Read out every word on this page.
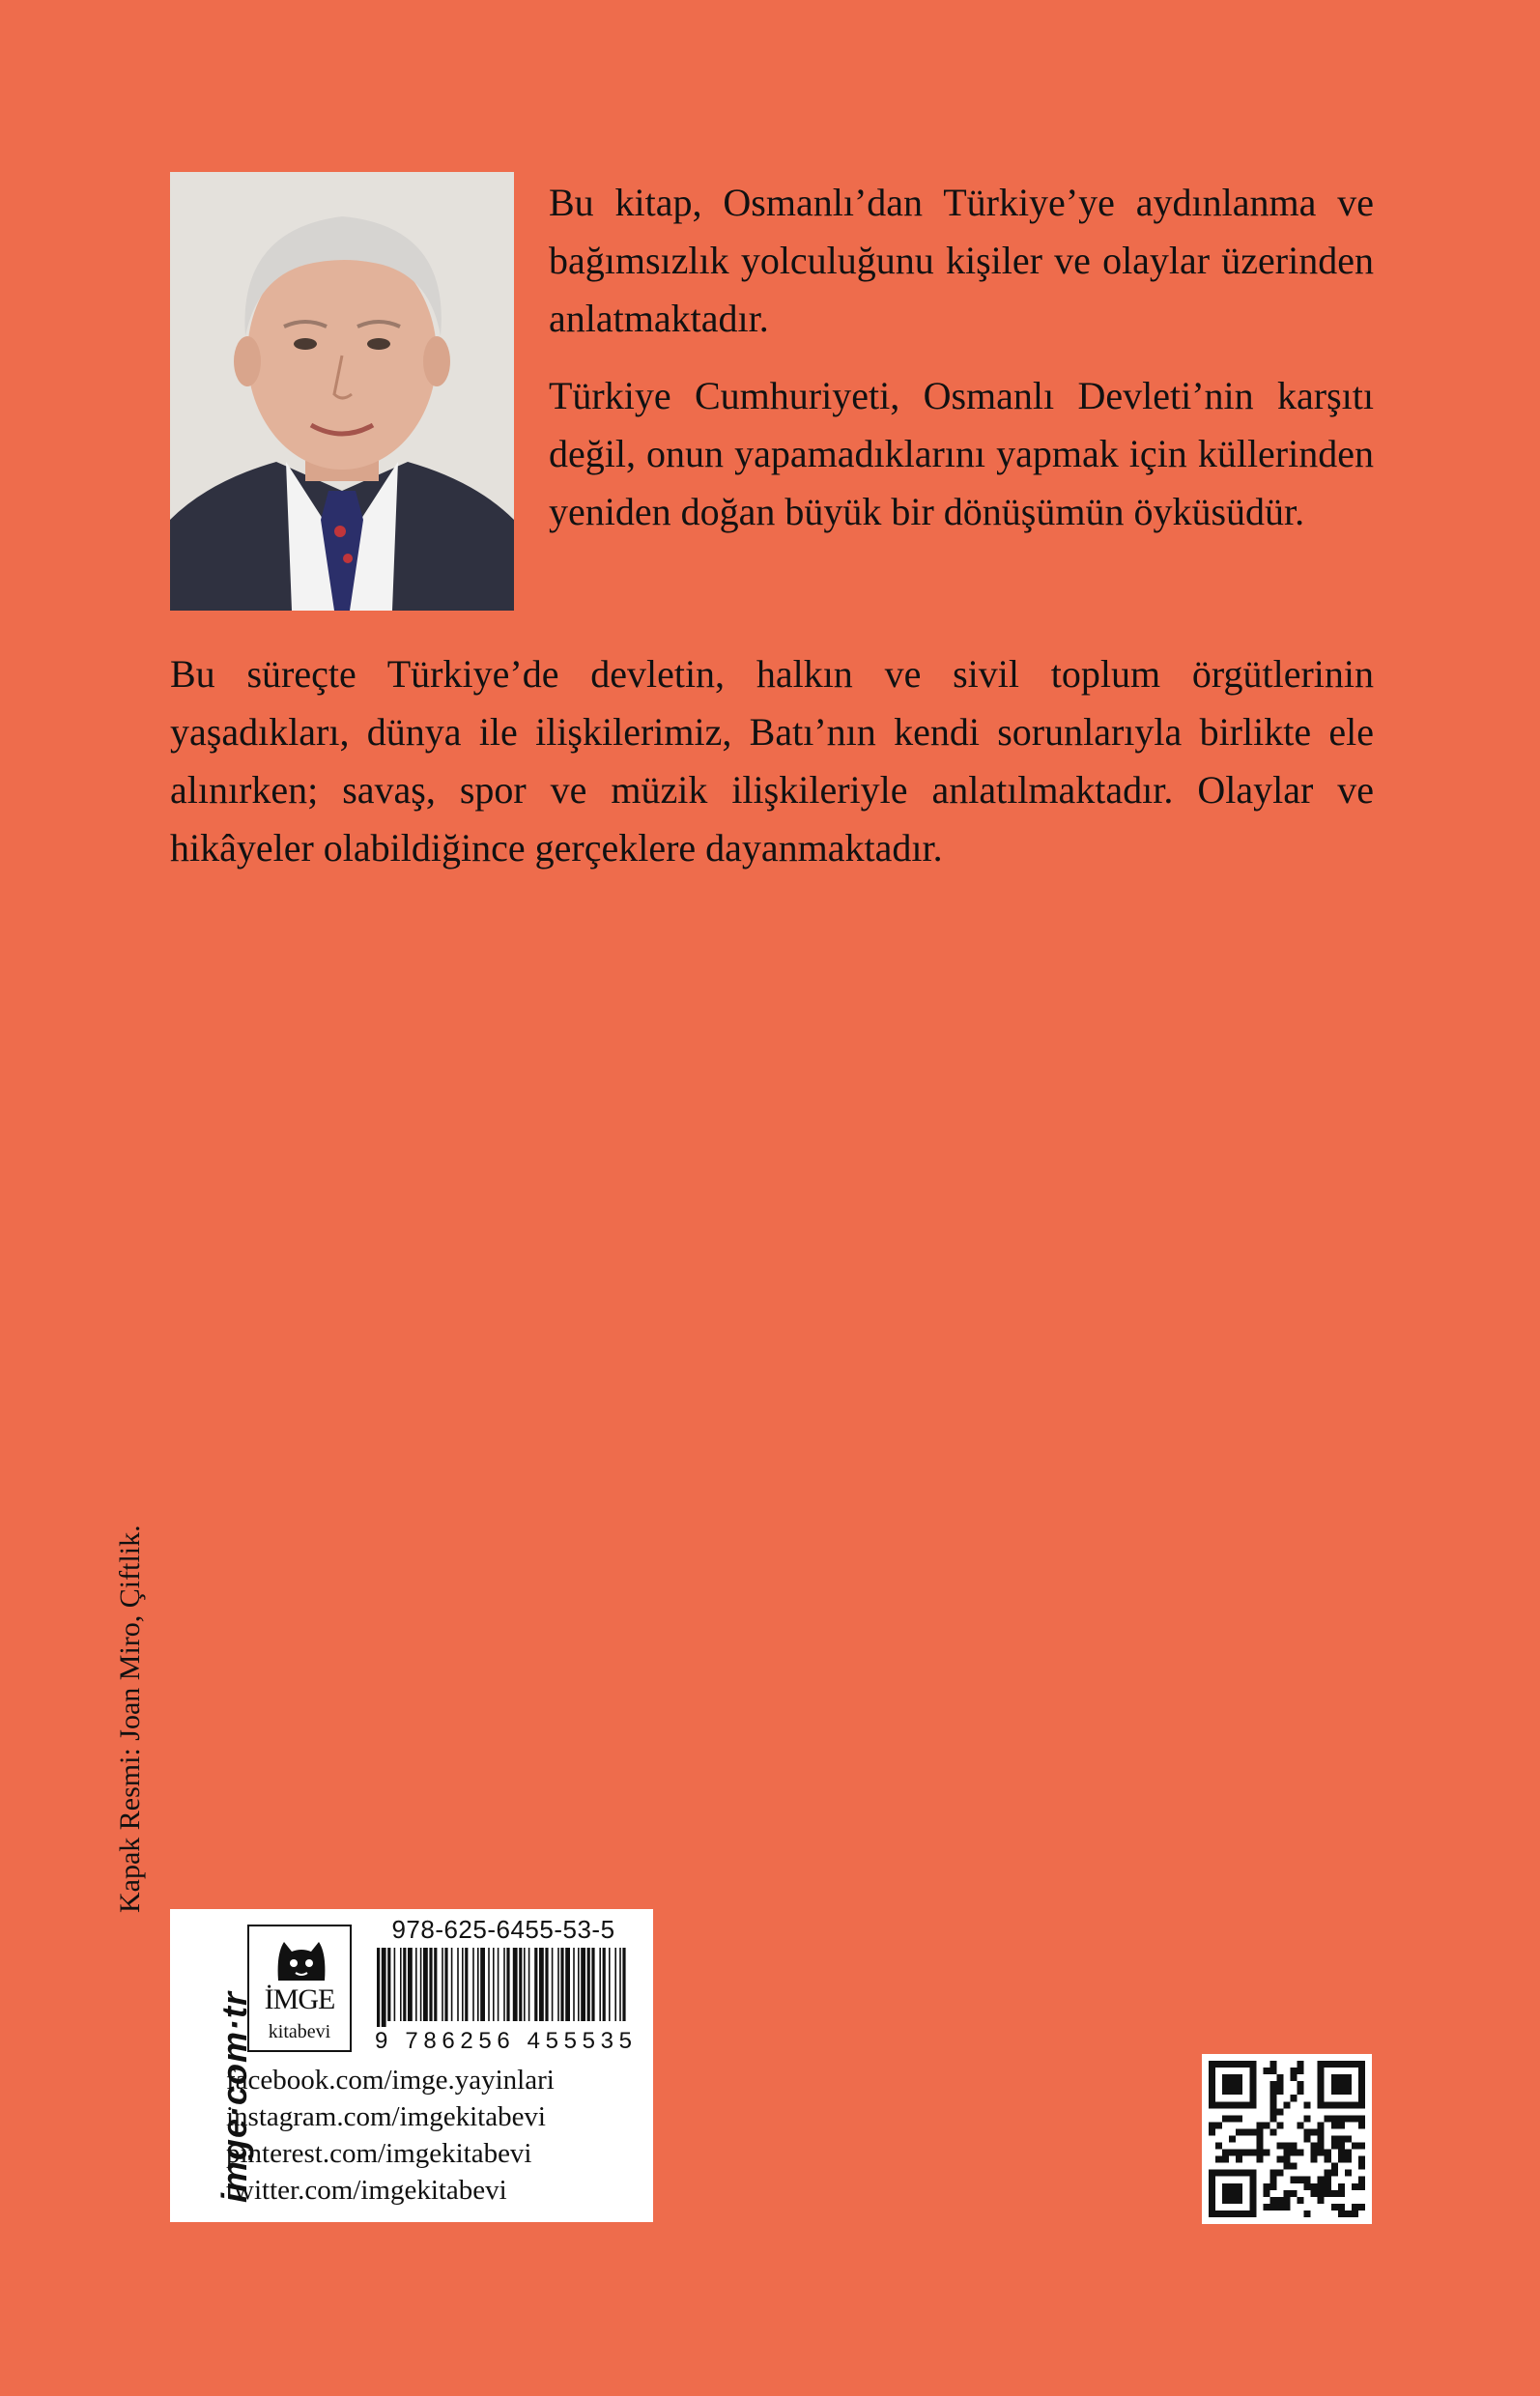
Bu kitap, Osmanlı’dan Türkiye’ye aydınlanma ve bağımsızlık yolculuğunu kişiler ve olaylar üzerinden anlatmaktadır.

Türkiye Cumhuriyeti, Osmanlı Devleti’nin karşıtı değil, onun yapamadıklarını yapmak için küllerinden yeniden doğan büyük bir dönüşümün öyküsüdür.

Bu süreçte Türkiye’de devletin, halkın ve sivil toplum örgütlerinin yaşadıkları, dünya ile ilişkilerimiz, Batı’nın kendi sorunlarıyla birlikte ele alınırken; savaş, spor ve müzik ilişkileriyle anlatılmaktadır. Olaylar ve hikâyeler olabildiğince gerçeklere dayanmaktadır.

Kapak Resmi: Joan Miro, Çiftlik.
imge·com·tr İMGE
kitabevi
978-625-6455-53-5
9 786256 455535
facebook.com/imge.yayinlari
instagram.com/imgekitabevi
pinterest.com/imgekitabevi
twitter.com/imgekitabevi
